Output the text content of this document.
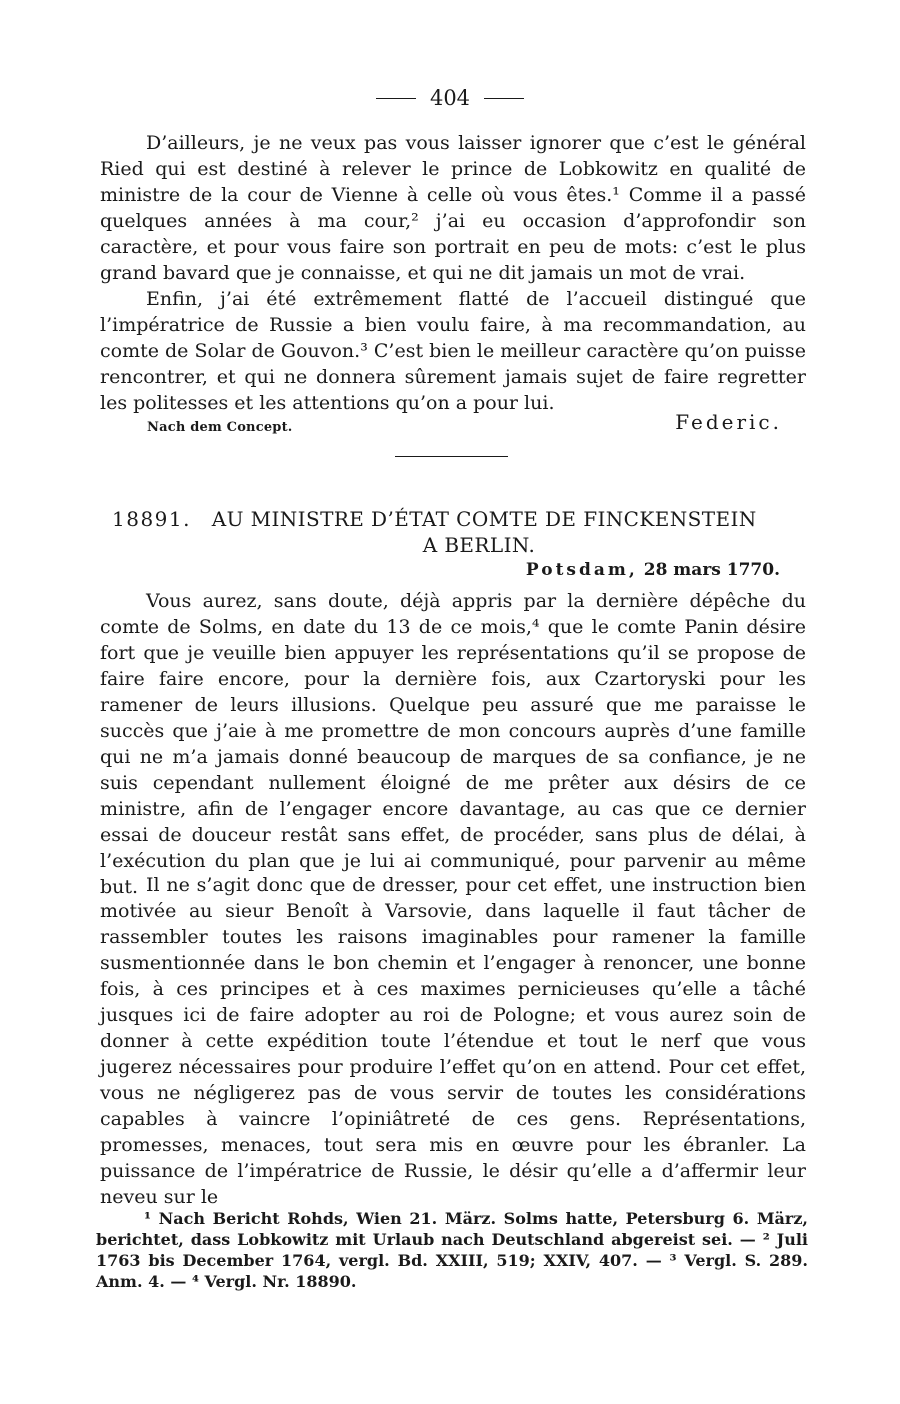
404

D’ailleurs, je ne veux pas vous laisser ignorer que c’est le général Ried qui est destiné à relever le prince de Lobkowitz en qualité de ministre de la cour de Vienne à celle où vous êtes.¹ Comme il a passé quelques années à ma cour,² j’ai eu occasion d’approfondir son caractère, et pour vous faire son portrait en peu de mots: c’est le plus grand bavard que je connaisse, et qui ne dit jamais un mot de vrai.

Enfin, j’ai été extrêmement flatté de l’accueil distingué que l’impératrice de Russie a bien voulu faire, à ma recommandation, au comte de Solar de Gouvon.³ C’est bien le meilleur caractère qu’on puisse rencontrer, et qui ne donnera sûrement jamais sujet de faire regretter les politesses et les attentions qu’on a pour lui.

Nach dem Concept.	Federic.
18891. AU MINISTRE D’ÉTAT COMTE DE FINCKENSTEIN
A BERLIN.
Potsdam, 28 mars 1770.

Vous aurez, sans doute, déjà appris par la dernière dépêche du comte de Solms, en date du 13 de ce mois,⁴ que le comte Panin désire fort que je veuille bien appuyer les représentations qu’il se propose de faire faire encore, pour la dernière fois, aux Czartoryski pour les ramener de leurs illusions. Quelque peu assuré que me paraisse le succès que j’aie à me promettre de mon concours auprès d’une famille qui ne m’a jamais donné beaucoup de marques de sa confiance, je ne suis cependant nullement éloigné de me prêter aux désirs de ce ministre, afin de l’engager encore davantage, au cas que ce dernier essai de douceur restât sans effet, de procéder, sans plus de délai, à l’exécution du plan que je lui ai communiqué, pour parvenir au même but. Il ne s’agit donc que de dresser, pour cet effet, une instruction bien motivée au sieur Benoît à Varsovie, dans laquelle il faut tâcher de rassembler toutes les raisons imaginables pour ramener la famille susmentionnée dans le bon chemin et l’engager à renoncer, une bonne fois, à ces principes et à ces maximes pernicieuses qu’elle a tâché jusques ici de faire adopter au roi de Pologne; et vous aurez soin de donner à cette expédition toute l’étendue et tout le nerf que vous jugerez nécessaires pour produire l’effet qu’on en attend. Pour cet effet, vous ne négligerez pas de vous servir de toutes les considérations capables à vaincre l’opiniâtreté de ces gens. Représentations, promesses, menaces, tout sera mis en œuvre pour les ébranler. La puissance de l’impératrice de Russie, le désir qu’elle a d’affermir leur neveu sur le

¹ Nach Bericht Rohds, Wien 21. März. Solms hatte, Petersburg 6. März, berichtet, dass Lobkowitz mit Urlaub nach Deutschland abgereist sei. — ² Juli 1763 bis December 1764, vergl. Bd. XXIII, 519; XXIV, 407. — ³ Vergl. S. 289. Anm. 4. — ⁴ Vergl. Nr. 18890.
